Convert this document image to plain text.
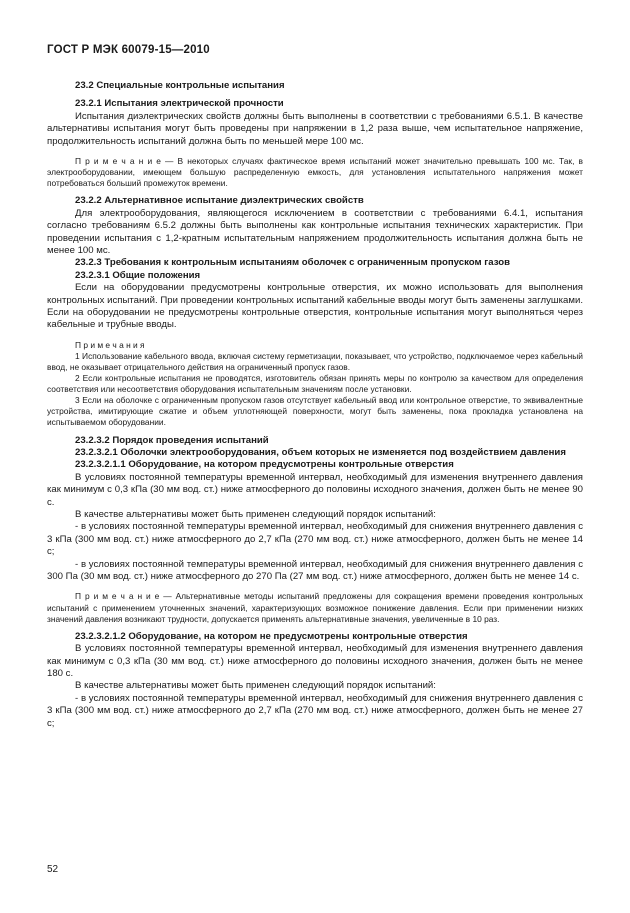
ГОСТ Р МЭК 60079-15—2010

23.2 Специальные контрольные испытания

23.2.1 Испытания электрической прочности

Испытания диэлектрических свойств должны быть выполнены в соответствии с требованиями 6.5.1. В качестве альтернативы испытания могут быть проведены при напряжении в 1,2 раза выше, чем испытательное напряжение, продолжительность испытаний должна быть по меньшей мере 100 мс.

П р и м е ч а н и е — В некоторых случаях фактическое время испытаний может значительно превышать 100 мс. Так, в электрооборудовании, имеющем большую распределенную емкость, для установления испытательного напряжения может потребоваться больший промежуток времени.

23.2.2 Альтернативное испытание диэлектрических свойств

Для электрооборудования, являющегося исключением в соответствии с требованиями 6.4.1, испытания согласно требованиям 6.5.2 должны быть выполнены как контрольные испытания технических характеристик. При проведении испытания с 1,2-кратным испытательным напряжением продолжительность испытания должна быть не менее 100 мс.

23.2.3 Требования к контрольным испытаниям оболочек с ограниченным пропуском газов

23.2.3.1 Общие положения

Если на оборудовании предусмотрены контрольные отверстия, их можно использовать для выполнения контрольных испытаний. При проведении контрольных испытаний кабельные вводы могут быть заменены заглушками. Если на оборудовании не предусмотрены контрольные отверстия, контрольные испытания могут выполняться через кабельные и трубные вводы.

П р и м е ч а н и я

1 Использование кабельного ввода, включая систему герметизации, показывает, что устройство, подключаемое через кабельный ввод, не оказывает отрицательного действия на ограниченный пропуск газов.

2 Если контрольные испытания не проводятся, изготовитель обязан принять меры по контролю за качеством для определения соответствия или несоответствия оборудования испытательным значениям после установки.

3 Если на оболочке с ограниченным пропуском газов отсутствует кабельный ввод или контрольное отверстие, то эквивалентные устройства, имитирующие сжатие и объем уплотняющей поверхности, могут быть заменены, пока прокладка установлена на испытываемом оборудовании.

23.2.3.2 Порядок проведения испытаний

23.2.3.2.1 Оболочки электрооборудования, объем которых не изменяется под воздействием давления

23.2.3.2.1.1 Оборудование, на котором предусмотрены контрольные отверстия

В условиях постоянной температуры временной интервал, необходимый для изменения внутреннего давления как минимум с 0,3 кПа (30 мм вод. ст.) ниже атмосферного до половины исходного значения, должен быть не менее 90 с.

В качестве альтернативы может быть применен следующий порядок испытаний:

- в условиях постоянной температуры временной интервал, необходимый для снижения внутреннего давления с 3 кПа (300 мм вод. ст.) ниже атмосферного до 2,7 кПа (270 мм вод. ст.) ниже атмосферного, должен быть не менее 14 с;

- в условиях постоянной температуры временной интервал, необходимый для снижения внутреннего давления с 300 Па (30 мм вод. ст.) ниже атмосферного до 270 Па (27 мм вод. ст.) ниже атмосферного, должен быть не менее 14 с.

П р и м е ч а н и е — Альтернативные методы испытаний предложены для сокращения времени проведения контрольных испытаний с применением уточненных значений, характеризующих возможное понижение давления. Если при применении низких значений давления возникают трудности, допускается применять альтернативные значения, увеличенные в 10 раз.

23.2.3.2.1.2 Оборудование, на котором не предусмотрены контрольные отверстия

В условиях постоянной температуры временной интервал, необходимый для изменения внутреннего давления как минимум с 0,3 кПа (30 мм вод. ст.) ниже атмосферного до половины исходного значения, должен быть не менее 180 с.

В качестве альтернативы может быть применен следующий порядок испытаний:

- в условиях постоянной температуры временной интервал, необходимый для снижения внутреннего давления с 3 кПа (300 мм вод. ст.) ниже атмосферного до 2,7 кПа (270 мм вод. ст.) ниже атмосферного, должен быть не менее 27 с;

52
